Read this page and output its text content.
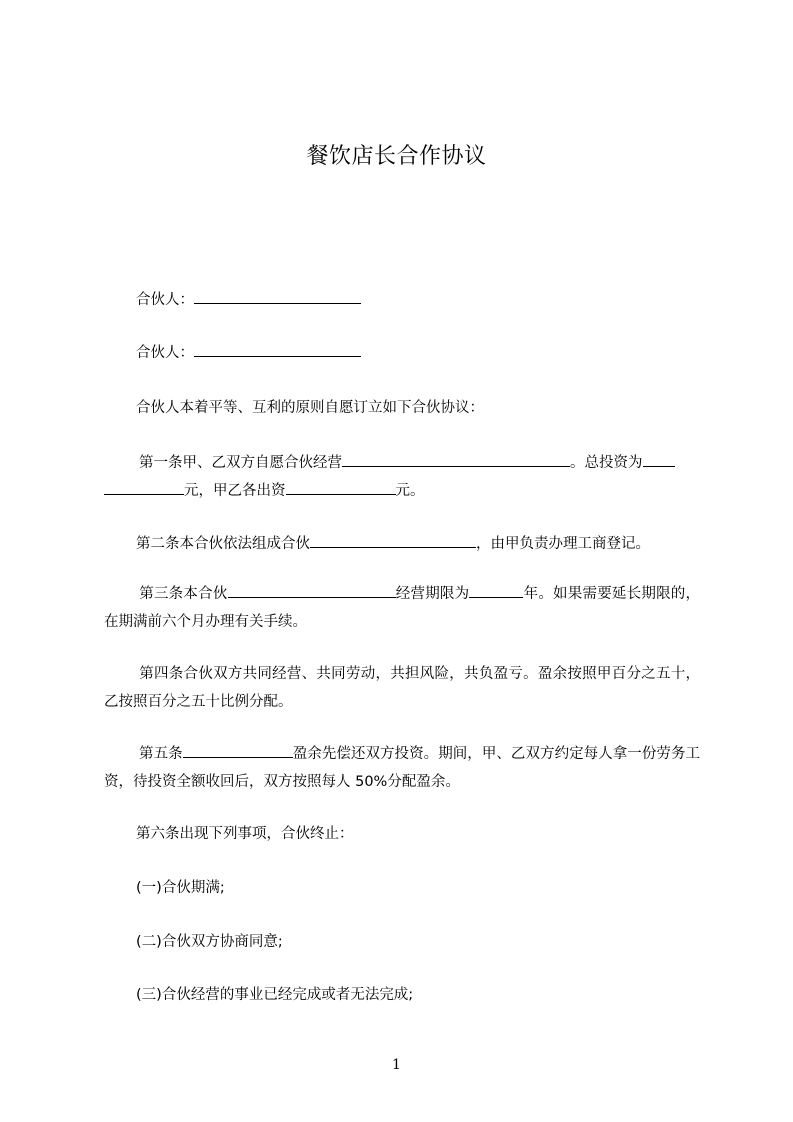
餐饮店长合作协议
合伙人：
合伙人：
合伙人本着平等、互利的原则自愿订立如下合伙协议：
第一条甲、乙双方自愿合伙经营	。总投资为
元，甲乙各出资	元。
第二条本合伙依法组成合伙	，由甲负责办理工商登记。
第三条本合伙	经营期限为	年。如果需要延长期限的，在期满前六个月办理有关手续。
第四条合伙双方共同经营、共同劳动，共担风险，共负盈亏。盈余按照甲百分之五十，乙按照百分之五十比例分配。
第五条	盈余先偿还双方投资。期间，甲、乙双方约定每人拿一份劳务工资，待投资全额收回后，双方按照每人 50%分配盈余。
第六条出现下列事项，合伙终止：
(一)合伙期满;
(二)合伙双方协商同意;
(三)合伙经营的事业已经完成或者无法完成;
1
